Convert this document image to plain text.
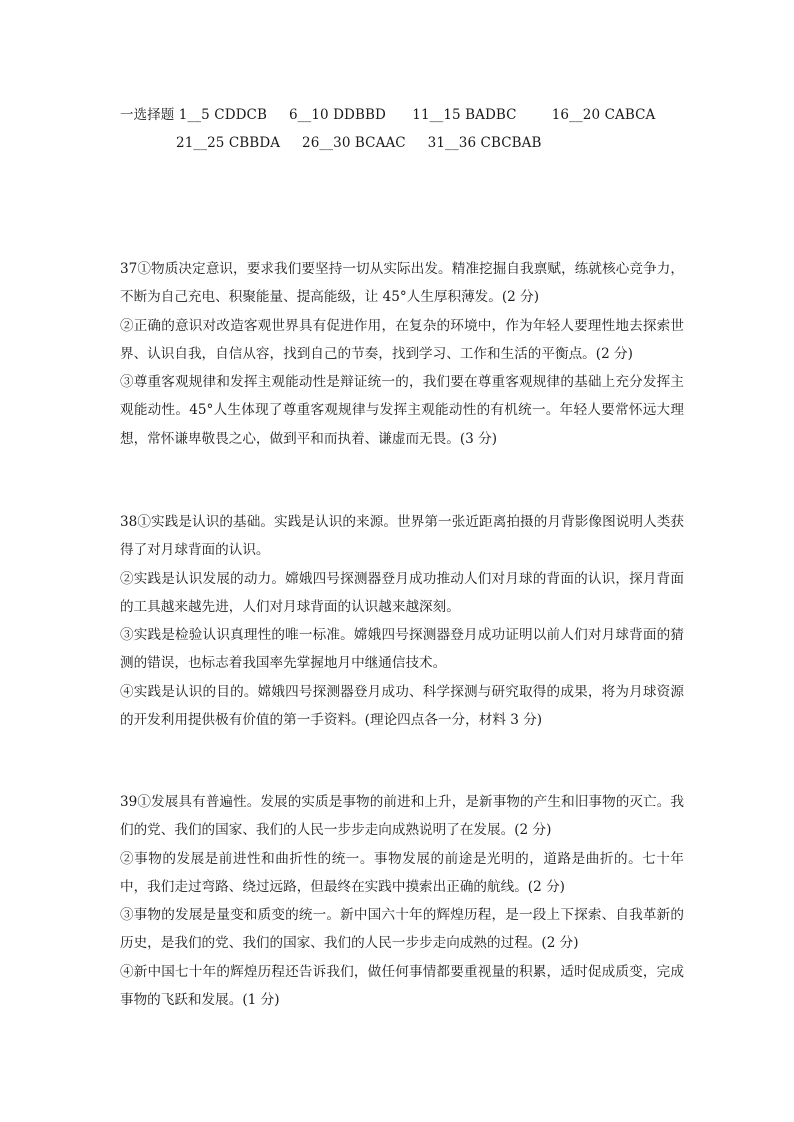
一选择题 1__5 CDDCB     6__10 DDBBD      11__15 BADBC        16__20 CABCA
21__25 CBBDA     26__30 BCAAC     31__36 CBCBAB

37①物质决定意识，要求我们要坚持一切从实际出发。精准挖掘自我禀赋，练就核心竞争力，不断为自己充电、积聚能量、提高能级，让 45°人生厚积薄发。(2 分)

②正确的意识对改造客观世界具有促进作用，在复杂的环境中，作为年轻人要理性地去探索世界、认识自我，自信从容，找到自己的节奏，找到学习、工作和生活的平衡点。(2 分)

③尊重客观规律和发挥主观能动性是辩证统一的，我们要在尊重客观规律的基础上充分发挥主观能动性。45°人生体现了尊重客观规律与发挥主观能动性的有机统一。年轻人要常怀远大理想，常怀谦卑敬畏之心，做到平和而执着、谦虚而无畏。(3 分)

38①实践是认识的基础。实践是认识的来源。世界第一张近距离拍摄的月背影像图说明人类获得了对月球背面的认识。

②实践是认识发展的动力。嫦娥四号探测器登月成功推动人们对月球的背面的认识，探月背面的工具越来越先进，人们对月球背面的认识越来越深刻。

③实践是检验认识真理性的唯一标准。嫦娥四号探测器登月成功证明以前人们对月球背面的猜测的错误，也标志着我国率先掌握地月中继通信技术。

④实践是认识的目的。嫦娥四号探测器登月成功、科学探测与研究取得的成果，将为月球资源的开发利用提供极有价值的第一手资料。(理论四点各一分，材料 3 分)

39①发展具有普遍性。发展的实质是事物的前进和上升，是新事物的产生和旧事物的灭亡。我们的党、我们的国家、我们的人民一步步走向成熟说明了在发展。(2 分)

②事物的发展是前进性和曲折性的统一。事物发展的前途是光明的，道路是曲折的。七十年中，我们走过弯路、绕过远路，但最终在实践中摸索出正确的航线。(2 分)

③事物的发展是量变和质变的统一。新中国六十年的辉煌历程，是一段上下探索、自我革新的历史，是我们的党、我们的国家、我们的人民一步步走向成熟的过程。(2 分)

④新中国七十年的辉煌历程还告诉我们，做任何事情都要重视量的积累，适时促成质变，完成事物的飞跃和发展。(1 分)
